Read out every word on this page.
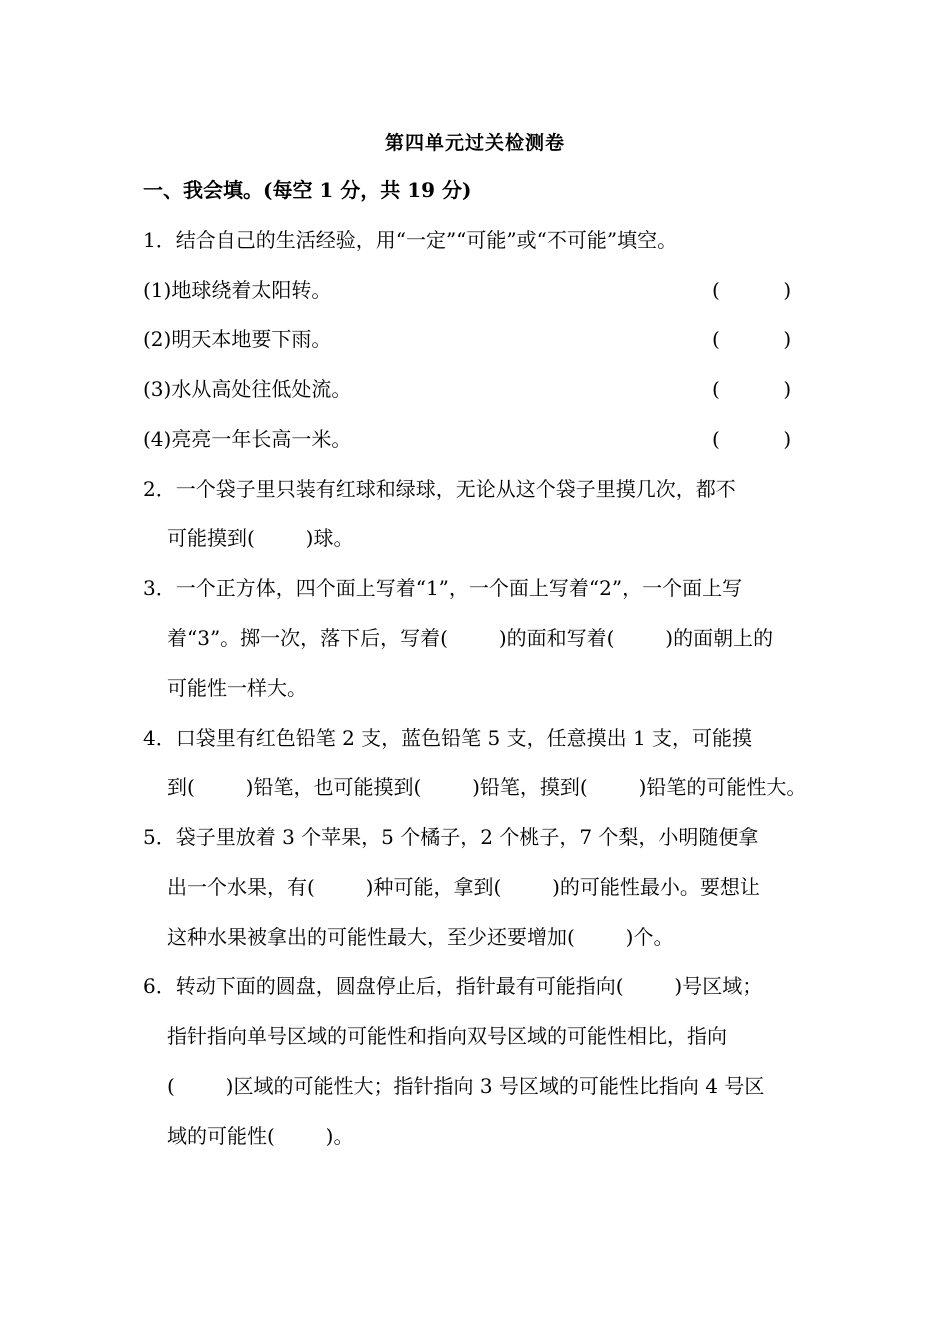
第四单元过关检测卷
一、我会填。(每空 1 分，共 19 分)
1．结合自己的生活经验，用“一定”“可能”或“不可能”填空。
(1)地球绕着太阳转。	(          )
(2)明天本地要下雨。	(          )
(3)水从高处往低处流。	(          )
(4)亮亮一年长高一米。	(          )
2．一个袋子里只装有红球和绿球，无论从这个袋子里摸几次，都不
可能摸到(        )球。
3．一个正方体，四个面上写着“1”，一个面上写着“2”，一个面上写
着“3”。掷一次，落下后，写着(        )的面和写着(        )的面朝上的
可能性一样大。
4．口袋里有红色铅笔 2 支，蓝色铅笔 5 支，任意摸出 1 支，可能摸
到(        )铅笔，也可能摸到(        )铅笔，摸到(        )铅笔的可能性大。
5．袋子里放着 3 个苹果，5 个橘子，2 个桃子，7 个梨，小明随便拿
出一个水果，有(        )种可能，拿到(        )的可能性最小。要想让
这种水果被拿出的可能性最大，至少还要增加(        )个。
6．转动下面的圆盘，圆盘停止后，指针最有可能指向(        )号区域；
指针指向单号区域的可能性和指向双号区域的可能性相比，指向
(        )区域的可能性大；指针指向 3 号区域的可能性比指向 4 号区
域的可能性(        )。
